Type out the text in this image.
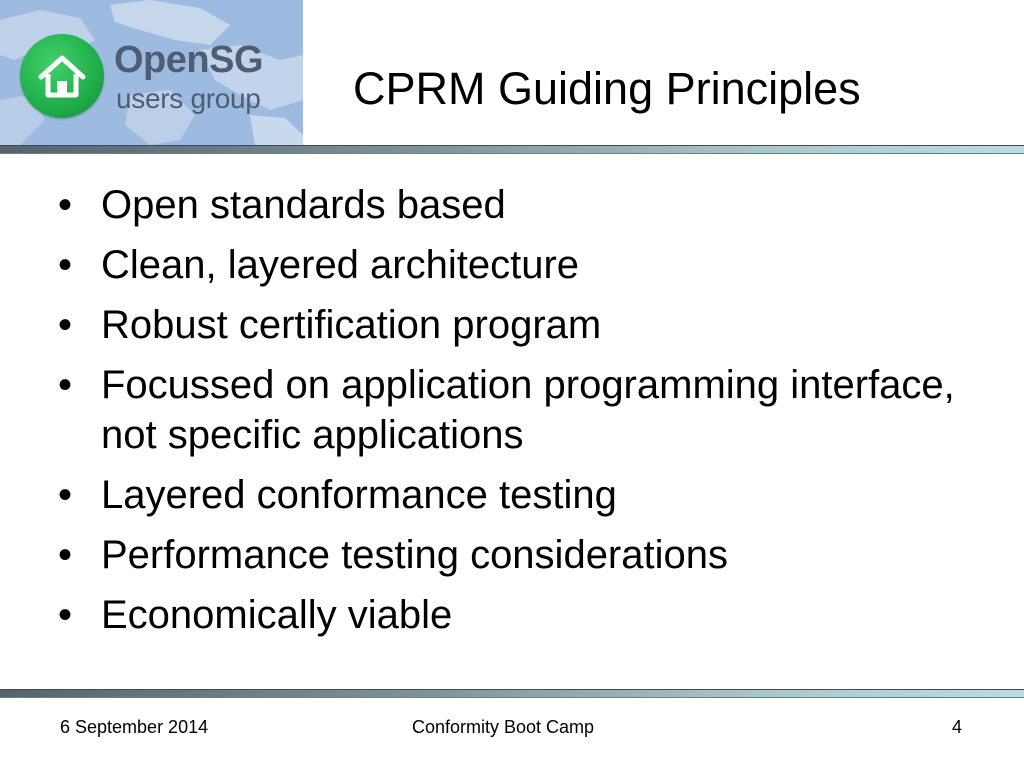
OpenSG
users group CPRM Guiding Principles
• Open standards based
• Clean, layered architecture
• Robust certification program
• Focussed on application programming interface, not specific applications
• Layered conformance testing
• Performance testing considerations
• Economically viable
6 September 2014	Conformity Boot Camp	4
